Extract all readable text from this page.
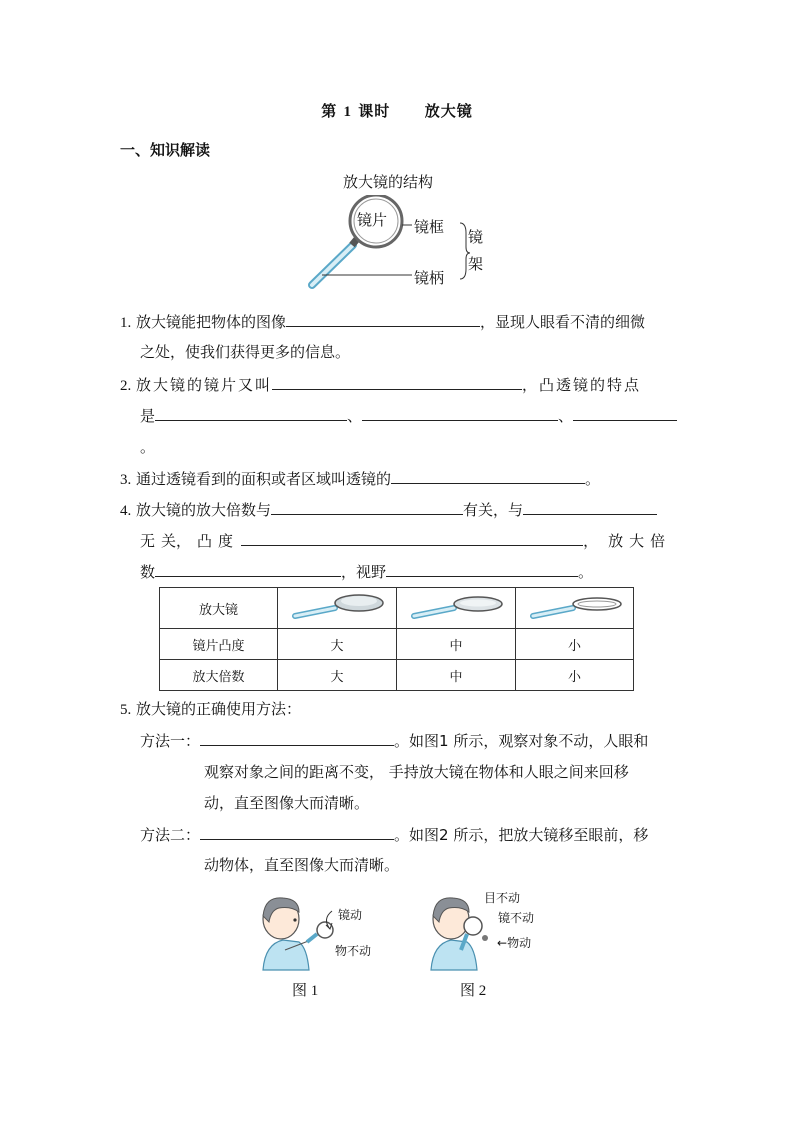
第 1 课时 放大镜
一、知识解读
放大镜的结构
镜片 镜框
镜柄
镜
架
1. 放大镜能把物体的图像	，显现人眼看不清的细微
之处，使我们获得更多的信息。
2. 放大镜的镜片又叫	，凸透镜的特点
是	、	、
。
3. 通过透镜看到的面积或者区域叫透镜的	。
4. 放大镜的放大倍数与	有关，与
无 关， 凸 度	， 放 大 倍
数	，视野	。
放大镜			
镜片凸度	大	中	小
放大倍数	大	中	小
5. 放大镜的正确使用方法：
方法一：	。如图1 所示，观察对象不动，人眼和
观察对象之间的距离不变， 手持放大镜在物体和人眼之间来回移
动，直至图像大而清晰。
方法二：	。如图2 所示，把放大镜移至眼前，移
动物体，直至图像大而清晰。
镜动
物不动
图 1
目不动
镜不动
←物动
图 2
